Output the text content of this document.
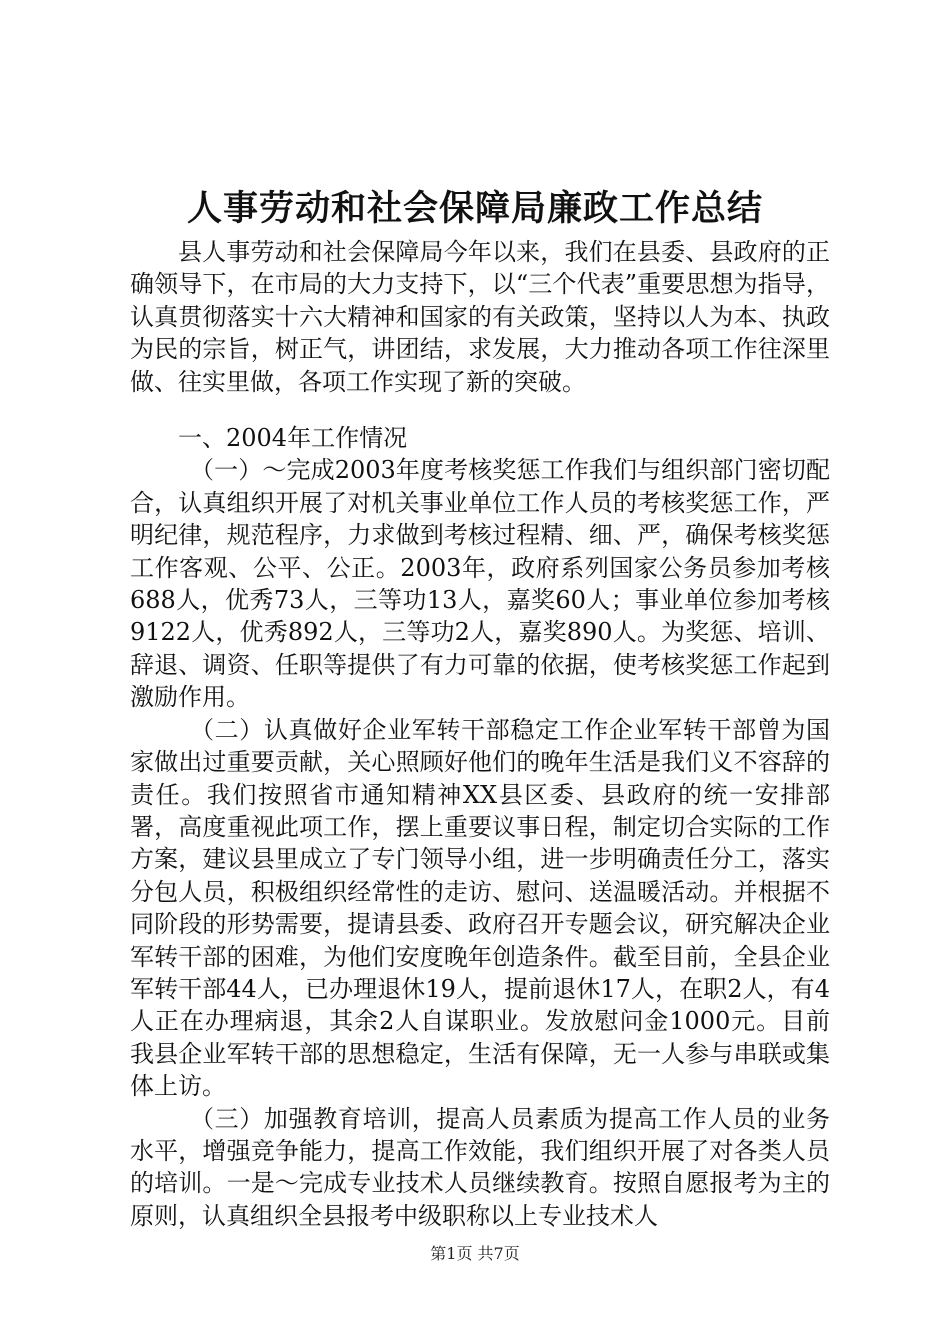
人事劳动和社会保障局廉政工作总结

县人事劳动和社会保障局今年以来，我们在县委、县政府的正确领导下，在市局的大力支持下，以“三个代表”重要思想为指导，认真贯彻落实十六大精神和国家的有关政策，坚持以人为本、执政为民的宗旨，树正气，讲团结，求发展，大力推动各项工作往深里做、往实里做，各项工作实现了新的突破。

一、2004年工作情况

（一）～完成2003年度考核奖惩工作我们与组织部门密切配合，认真组织开展了对机关事业单位工作人员的考核奖惩工作，严明纪律，规范程序，力求做到考核过程精、细、严，确保考核奖惩工作客观、公平、公正。2003年，政府系列国家公务员参加考核688人，优秀73人，三等功13人，嘉奖60人；事业单位参加考核9122人，优秀892人，三等功2人，嘉奖890人。为奖惩、培训、辞退、调资、任职等提供了有力可靠的依据，使考核奖惩工作起到激励作用。

（二）认真做好企业军转干部稳定工作企业军转干部曾为国家做出过重要贡献，关心照顾好他们的晚年生活是我们义不容辞的责任。我们按照省市通知精神XX县区委、县政府的统一安排部署，高度重视此项工作，摆上重要议事日程，制定切合实际的工作方案，建议县里成立了专门领导小组，进一步明确责任分工，落实分包人员，积极组织经常性的走访、慰问、送温暖活动。并根据不同阶段的形势需要，提请县委、政府召开专题会议，研究解决企业军转干部的困难，为他们安度晚年创造条件。截至目前，全县企业军转干部44人，已办理退休19人，提前退休17人，在职2人，有4人正在办理病退，其余2人自谋职业。发放慰问金1000元。目前我县企业军转干部的思想稳定，生活有保障，无一人参与串联或集体上访。

（三）加强教育培训，提高人员素质为提高工作人员的业务水平，增强竞争能力，提高工作效能，我们组织开展了对各类人员的培训。一是～完成专业技术人员继续教育。按照自愿报考为主的原则，认真组织全县报考中级职称以上专业技术人

第1页 共7页
